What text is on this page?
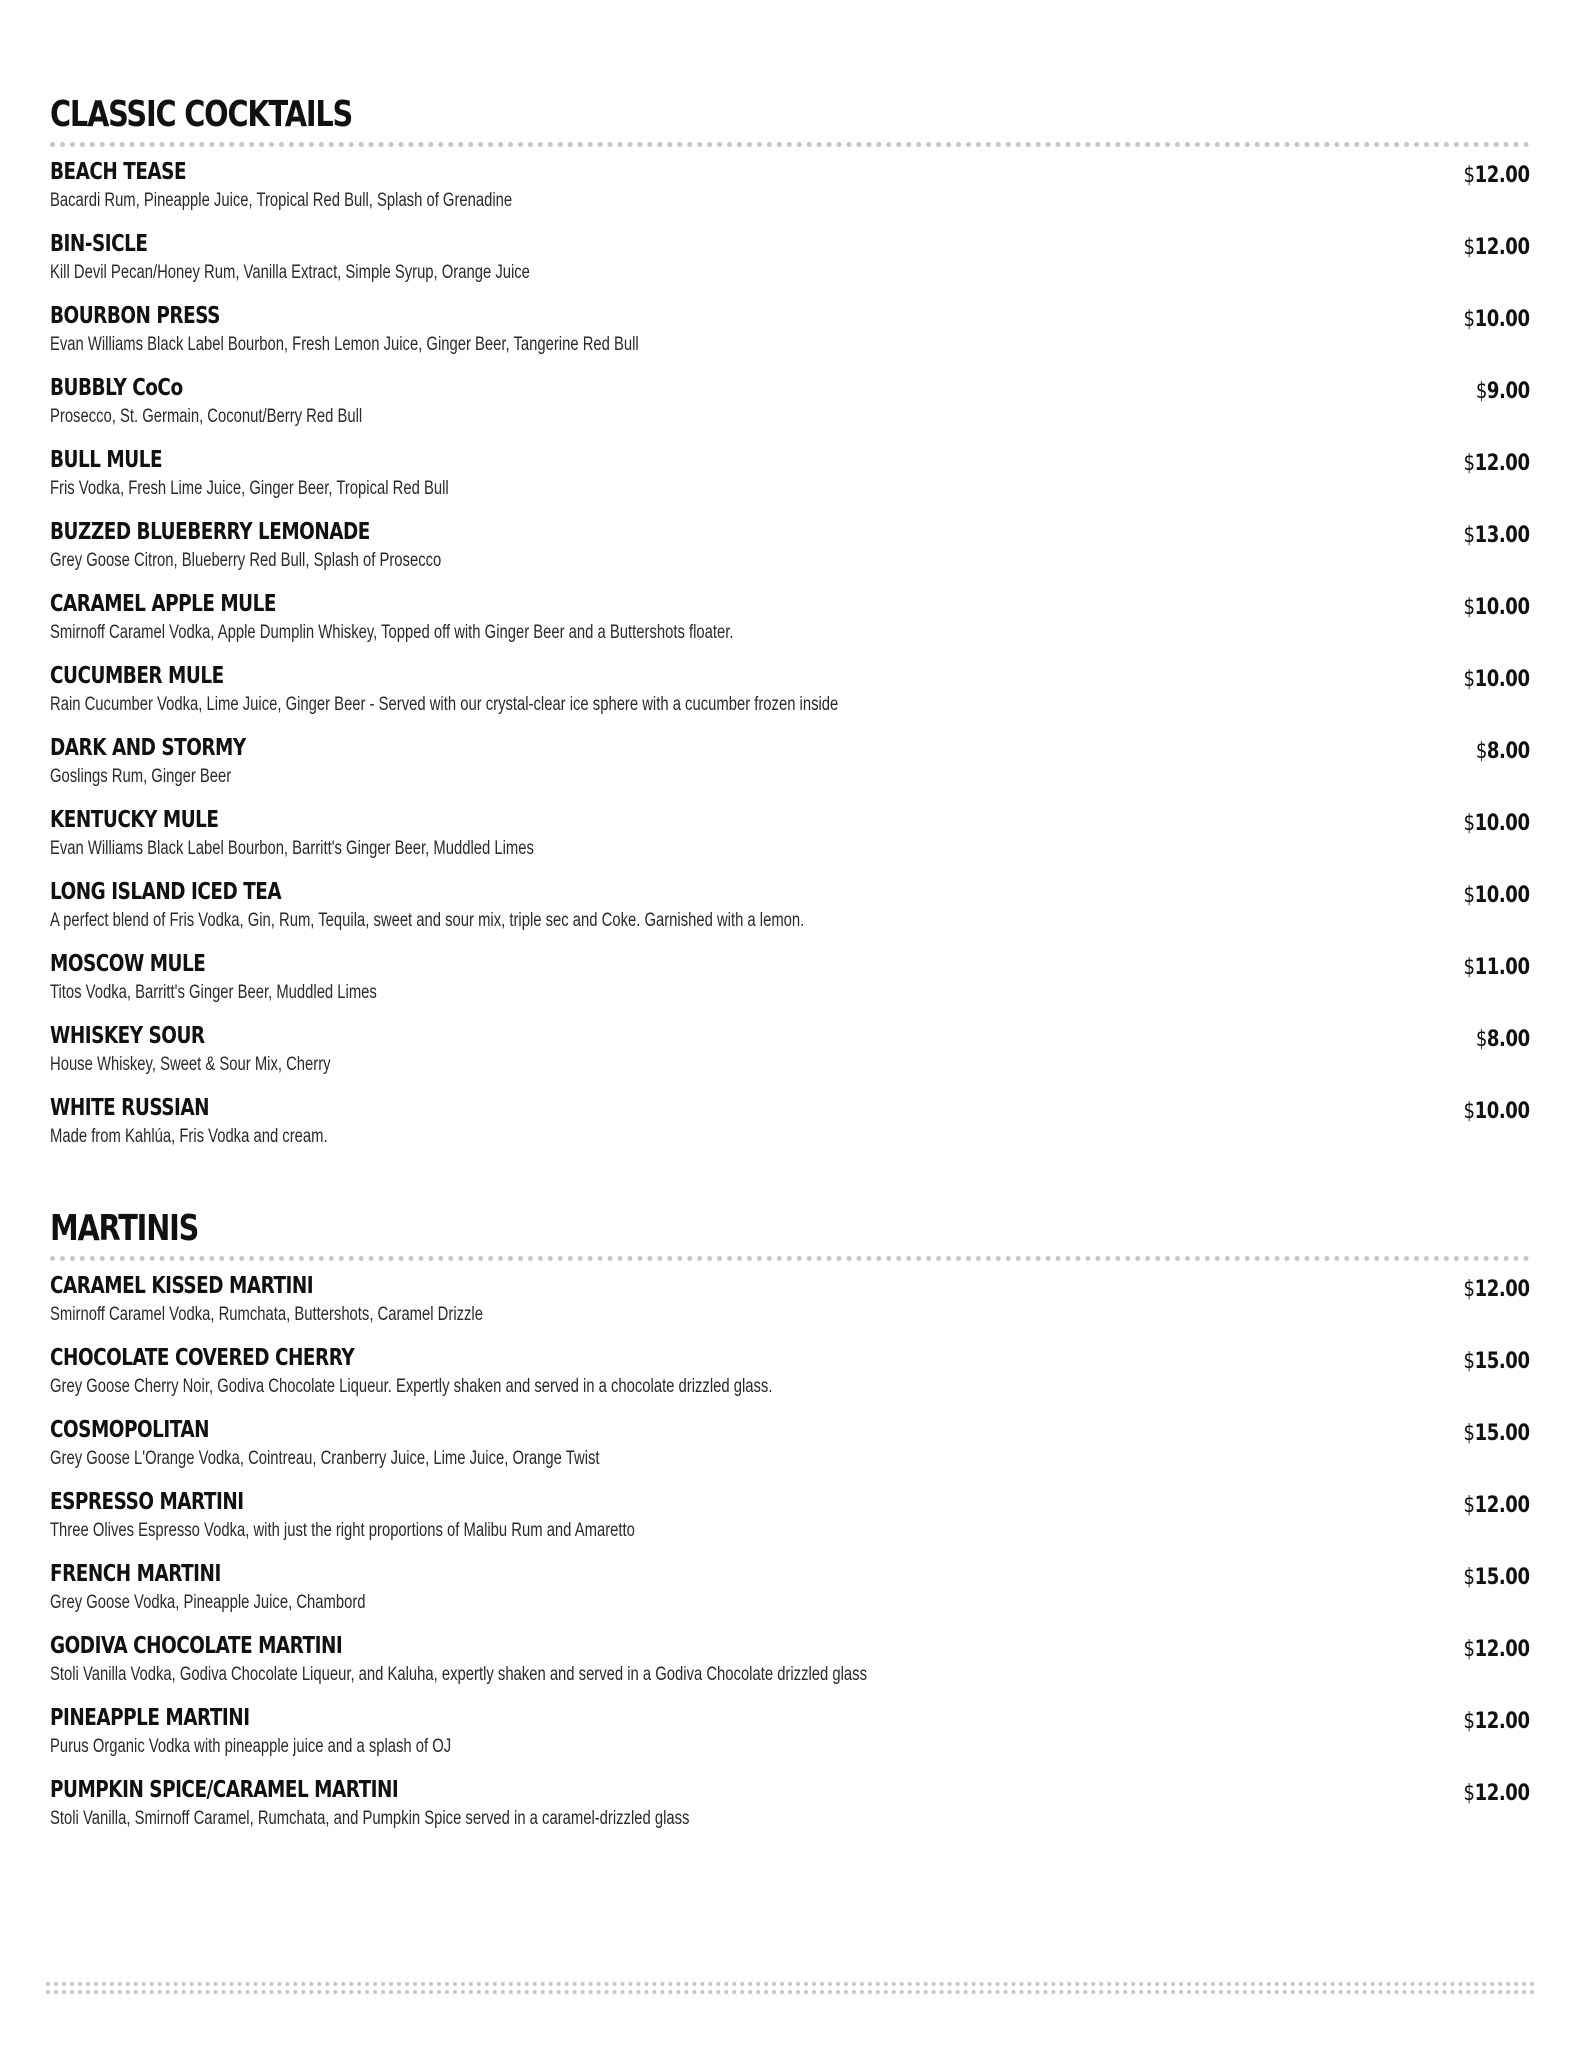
CLASSIC COCKTAILS
BEACH TEASE
Bacardi Rum, Pineapple Juice, Tropical Red Bull, Splash of Grenadine
$12.00
BIN-SICLE
Kill Devil Pecan/Honey Rum, Vanilla Extract, Simple Syrup, Orange Juice
$12.00
BOURBON PRESS
Evan Williams Black Label Bourbon, Fresh Lemon Juice, Ginger Beer, Tangerine Red Bull
$10.00
BUBBLY CoCo
Prosecco, St. Germain, Coconut/Berry Red Bull
$9.00
BULL MULE
Fris Vodka, Fresh Lime Juice, Ginger Beer, Tropical Red Bull
$12.00
BUZZED BLUEBERRY LEMONADE
Grey Goose Citron, Blueberry Red Bull, Splash of Prosecco
$13.00
CARAMEL APPLE MULE
Smirnoff Caramel Vodka, Apple Dumplin Whiskey, Topped off with Ginger Beer and a Buttershots floater.
$10.00
CUCUMBER MULE
Rain Cucumber Vodka, Lime Juice, Ginger Beer - Served with our crystal-clear ice sphere with a cucumber frozen inside
$10.00
DARK AND STORMY
Goslings Rum, Ginger Beer
$8.00
KENTUCKY MULE
Evan Williams Black Label Bourbon, Barritt's Ginger Beer, Muddled Limes
$10.00
LONG ISLAND ICED TEA
A perfect blend of Fris Vodka, Gin, Rum, Tequila, sweet and sour mix, triple sec and Coke. Garnished with a lemon.
$10.00
MOSCOW MULE
Titos Vodka, Barritt's Ginger Beer, Muddled Limes
$11.00
WHISKEY SOUR
House Whiskey, Sweet & Sour Mix, Cherry
$8.00
WHITE RUSSIAN
Made from Kahlúa, Fris Vodka and cream.
$10.00
MARTINIS
CARAMEL KISSED MARTINI
Smirnoff Caramel Vodka, Rumchata, Buttershots, Caramel Drizzle
$12.00
CHOCOLATE COVERED CHERRY
Grey Goose Cherry Noir, Godiva Chocolate Liqueur. Expertly shaken and served in a chocolate drizzled glass.
$15.00
COSMOPOLITAN
Grey Goose L'Orange Vodka, Cointreau, Cranberry Juice, Lime Juice, Orange Twist
$15.00
ESPRESSO MARTINI
Three Olives Espresso Vodka, with just the right proportions of Malibu Rum and Amaretto
$12.00
FRENCH MARTINI
Grey Goose Vodka, Pineapple Juice, Chambord
$15.00
GODIVA CHOCOLATE MARTINI
Stoli Vanilla Vodka, Godiva Chocolate Liqueur, and Kaluha, expertly shaken and served in a Godiva Chocolate drizzled glass
$12.00
PINEAPPLE MARTINI
Purus Organic Vodka with pineapple juice and a splash of OJ
$12.00
PUMPKIN SPICE/CARAMEL MARTINI
Stoli Vanilla, Smirnoff Caramel, Rumchata, and Pumpkin Spice served in a caramel-drizzled glass
$12.00
